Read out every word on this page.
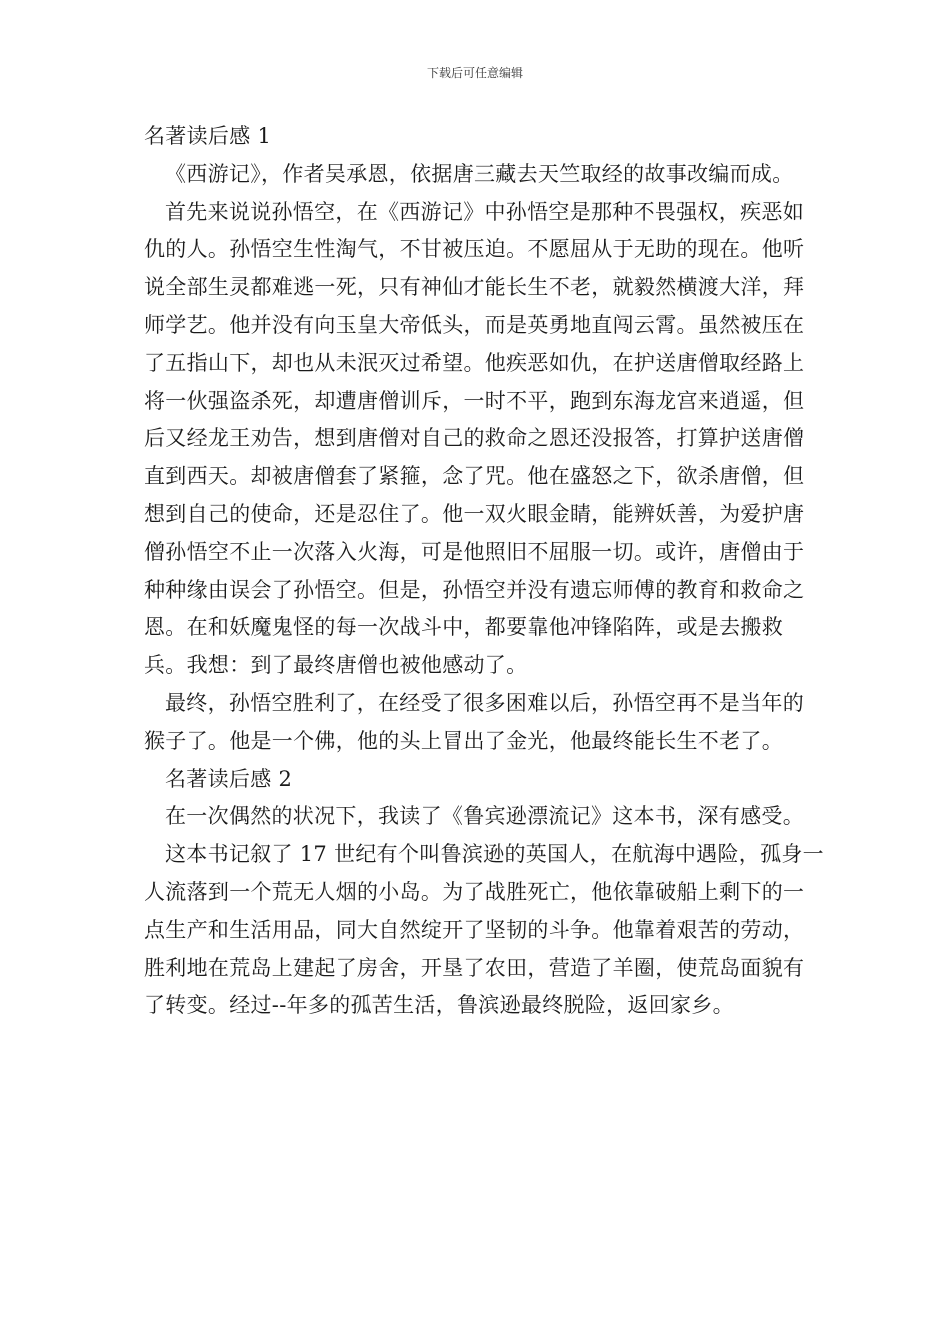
下载后可任意编辑

名著读后感 1

《西游记》，作者吴承恩，依据唐三藏去天竺取经的故事改编而成。

首先来说说孙悟空，在《西游记》中孙悟空是那种不畏强权，疾恶如仇的人。孙悟空生性淘气，不甘被压迫。不愿屈从于无助的现在。他听说全部生灵都难逃一死，只有神仙才能长生不老，就毅然横渡大洋，拜师学艺。他并没有向玉皇大帝低头，而是英勇地直闯云霄。虽然被压在了五指山下，却也从未泯灭过希望。他疾恶如仇，在护送唐僧取经路上将一伙强盗杀死，却遭唐僧训斥，一时不平，跑到东海龙宫来逍遥，但后又经龙王劝告，想到唐僧对自己的救命之恩还没报答，打算护送唐僧直到西天。却被唐僧套了紧箍，念了咒。他在盛怒之下，欲杀唐僧，但想到自己的使命，还是忍住了。他一双火眼金睛，能辨妖善，为爱护唐僧孙悟空不止一次落入火海，可是他照旧不屈服一切。或许，唐僧由于种种缘由误会了孙悟空。但是，孙悟空并没有遗忘师傅的教育和救命之恩。在和妖魔鬼怪的每一次战斗中，都要靠他冲锋陷阵，或是去搬救兵。我想：到了最终唐僧也被他感动了。

最终，孙悟空胜利了，在经受了很多困难以后，孙悟空再不是当年的猴子了。他是一个佛，他的头上冒出了金光，他最终能长生不老了。

名著读后感 2

在一次偶然的状况下，我读了《鲁宾逊漂流记》这本书，深有感受。

这本书记叙了 17 世纪有个叫鲁滨逊的英国人，在航海中遇险，孤身一人流落到一个荒无人烟的小岛。为了战胜死亡，他依靠破船上剩下的一点生产和生活用品，同大自然绽开了坚韧的斗争。他靠着艰苦的劳动，胜利地在荒岛上建起了房舍，开垦了农田，营造了羊圈，使荒岛面貌有了转变。经过--年多的孤苦生活，鲁滨逊最终脱险，返回家乡。
